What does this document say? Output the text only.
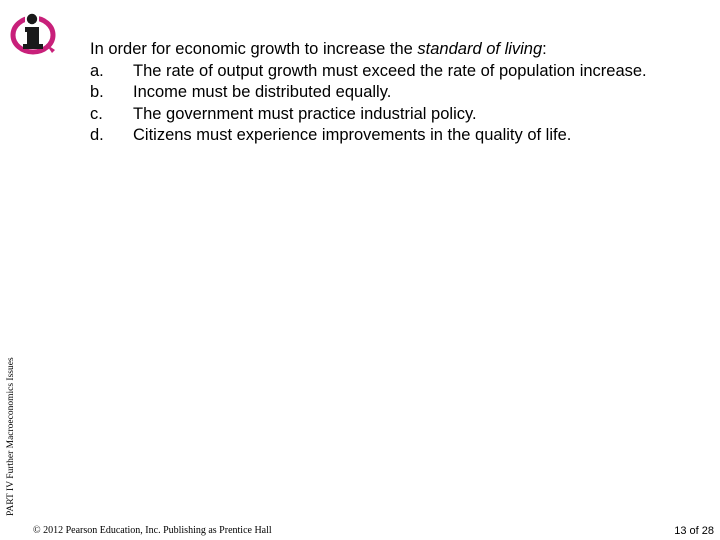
In order for economic growth to increase the standard of living:
a.	The rate of output growth must exceed the rate of population increase.
b.	Income must be distributed equally.
c.	The government must practice industrial policy.
d.	Citizens must experience improvements in the quality of life.
PART IV Further Macroeconomics Issues
© 2012 Pearson Education, Inc. Publishing as Prentice Hall	13 of 28
